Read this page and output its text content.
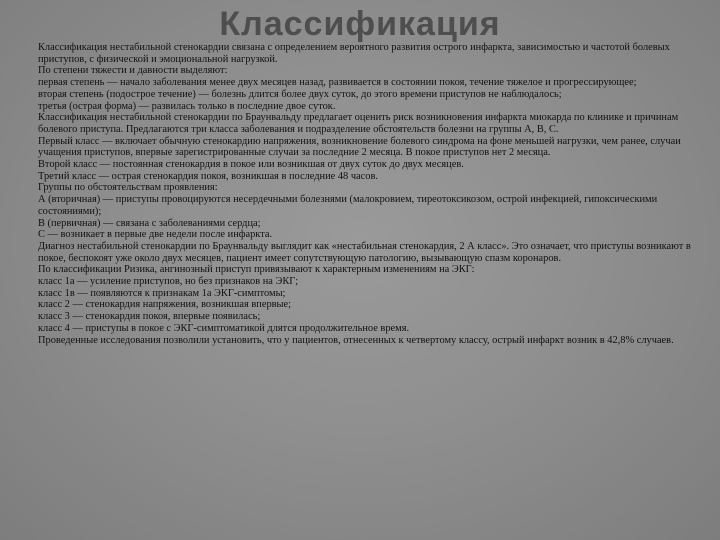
Классификация

Классификация нестабильной стенокардии связана с определением вероятного развития острого инфаркта, зависимостью и частотой болевых приступов, с физической и эмоциональной нагрузкой.

По степени тяжести и давности выделяют:

первая степень — начало заболевания менее двух месяцев назад, развивается в состоянии покоя, течение тяжелое и прогрессирующее;

вторая степень (подострое течение) — болезнь длится более двух суток, до этого времени приступов не наблюдалось;

третья (острая форма) — развилась только в последние двое суток.

Классификация нестабильной стенокардии по Браунвальду предлагает оценить риск возникновения инфаркта миокарда по клинике и причинам болевого приступа. Предлагаются три класса заболевания и подразделение обстоятельств болезни на группы А, В, С.

Первый класс — включает обычную стенокардию напряжения, возникновение болевого синдрома на фоне меньшей нагрузки, чем ранее, случаи учащения приступов, впервые зарегистрированные случаи за последние 2 месяца. В покое приступов нет 2 месяца.

Второй класс — постоянная стенокардия в покое или возникшая от двух суток до двух месяцев.

Третий класс — острая стенокардия покоя, возникшая в последние 48 часов.

Группы по обстоятельствам проявления:

А (вторичная) — приступы провоцируются несердечными болезнями (малокровием, тиреотоксикозом, острой инфекцией, гипоксическими состояниями);

В (первичная) — связана с заболеваниями сердца;

С — возникает в первые две недели после инфаркта.

Диагноз нестабильной стенокардии по Браунвальду выглядит как «нестабильная стенокардия, 2 А класс». Это означает, что приступы возникают в покое, беспокоят уже около двух месяцев, пациент имеет сопутствующую патологию, вызывающую спазм коронаров.

По классификации Ризика, ангинозный приступ привязывают к характерным изменениям на ЭКГ:

класс 1а — усиление приступов, но без признаков на ЭКГ;

класс 1в — появляются к признакам 1а ЭКГ-симптомы;

класс 2 — стенокардия напряжения, возникшая впервые;

класс 3 — стенокардия покоя, впервые появилась;

класс 4 — приступы в покое с ЭКГ-симптоматикой длятся продолжительное время.

Проведенные исследования позволили установить, что у пациентов, отнесенных к четвертому классу, острый инфаркт возник в 42,8% случаев.
